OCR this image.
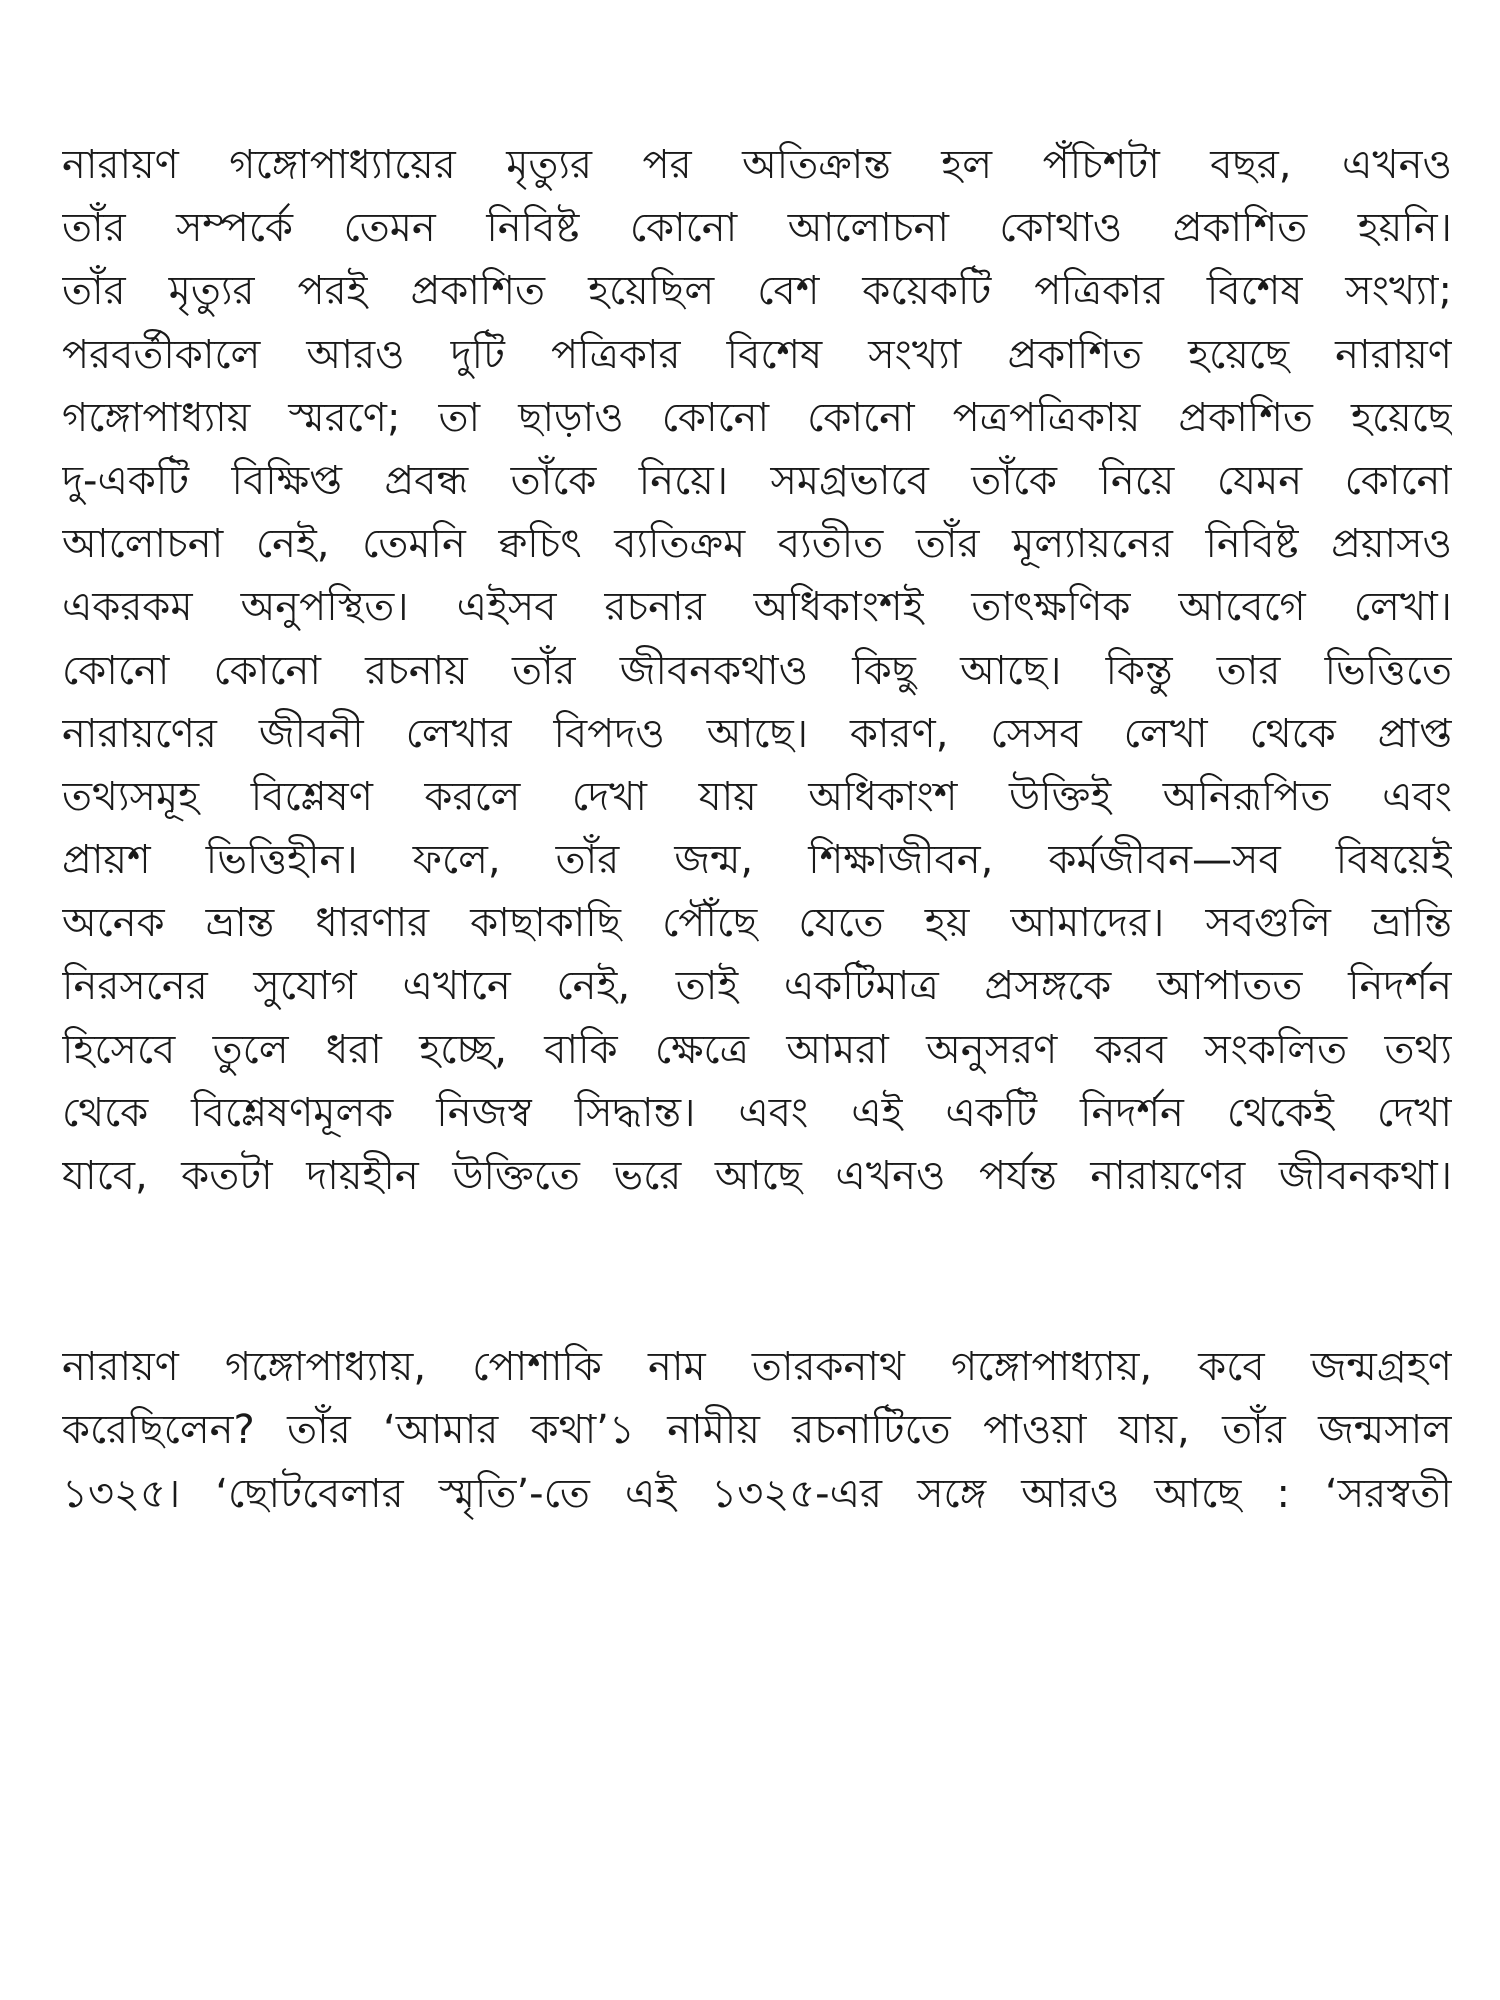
নারায়ণ গঙ্গোপাধ্যায়ের মৃত্যুর পর অতিক্রান্ত হল পঁচিশটা বছর, এখনও
তাঁর সম্পর্কে তেমন নিবিষ্ট কোনো আলোচনা কোথাও প্রকাশিত হয়নি।
তাঁর মৃত্যুর পরই প্রকাশিত হয়েছিল বেশ কয়েকটি পত্রিকার বিশেষ সংখ্যা;
পরবর্তীকালে আরও দুটি পত্রিকার বিশেষ সংখ্যা প্রকাশিত হয়েছে নারায়ণ
গঙ্গোপাধ্যায় স্মরণে; তা ছাড়াও কোনো কোনো পত্রপত্রিকায় প্রকাশিত হয়েছে
দু-একটি বিক্ষিপ্ত প্রবন্ধ তাঁকে নিয়ে। সমগ্রভাবে তাঁকে নিয়ে যেমন কোনো
আলোচনা নেই, তেমনি ক্বচিৎ ব্যতিক্রম ব্যতীত তাঁর মূল্যায়নের নিবিষ্ট প্রয়াসও
একরকম অনুপস্থিত। এইসব রচনার অধিকাংশই তাৎক্ষণিক আবেগে লেখা।
কোনো কোনো রচনায় তাঁর জীবনকথাও কিছু আছে। কিন্তু তার ভিত্তিতে
নারায়ণের জীবনী লেখার বিপদও আছে। কারণ, সেসব লেখা থেকে প্রাপ্ত
তথ্যসমূহ বিশ্লেষণ করলে দেখা যায় অধিকাংশ উক্তিই অনিরূপিত এবং
প্রায়শ ভিত্তিহীন। ফলে, তাঁর জন্ম, শিক্ষাজীবন, কর্মজীবন—সব বিষয়েই
অনেক ভ্রান্ত ধারণার কাছাকাছি পৌঁছে যেতে হয় আমাদের। সবগুলি ভ্রান্তি
নিরসনের সুযোগ এখানে নেই, তাই একটিমাত্র প্রসঙ্গকে আপাতত নিদর্শন
হিসেবে তুলে ধরা হচ্ছে, বাকি ক্ষেত্রে আমরা অনুসরণ করব সংকলিত তথ্য
থেকে বিশ্লেষণমূলক নিজস্ব সিদ্ধান্ত। এবং এই একটি নিদর্শন থেকেই দেখা
যাবে, কতটা দায়হীন উক্তিতে ভরে আছে এখনও পর্যন্ত নারায়ণের জীবনকথা।
নারায়ণ গঙ্গোপাধ্যায়, পোশাকি নাম তারকনাথ গঙ্গোপাধ্যায়, কবে জন্মগ্রহণ
করেছিলেন? তাঁর ‘আমার কথা’১ নামীয় রচনাটিতে পাওয়া যায়, তাঁর জন্মসাল
১৩২৫। ‘ছোটবেলার স্মৃতি’-তে এই ১৩২৫-এর সঙ্গে আরও আছে : ‘সরস্বতী
